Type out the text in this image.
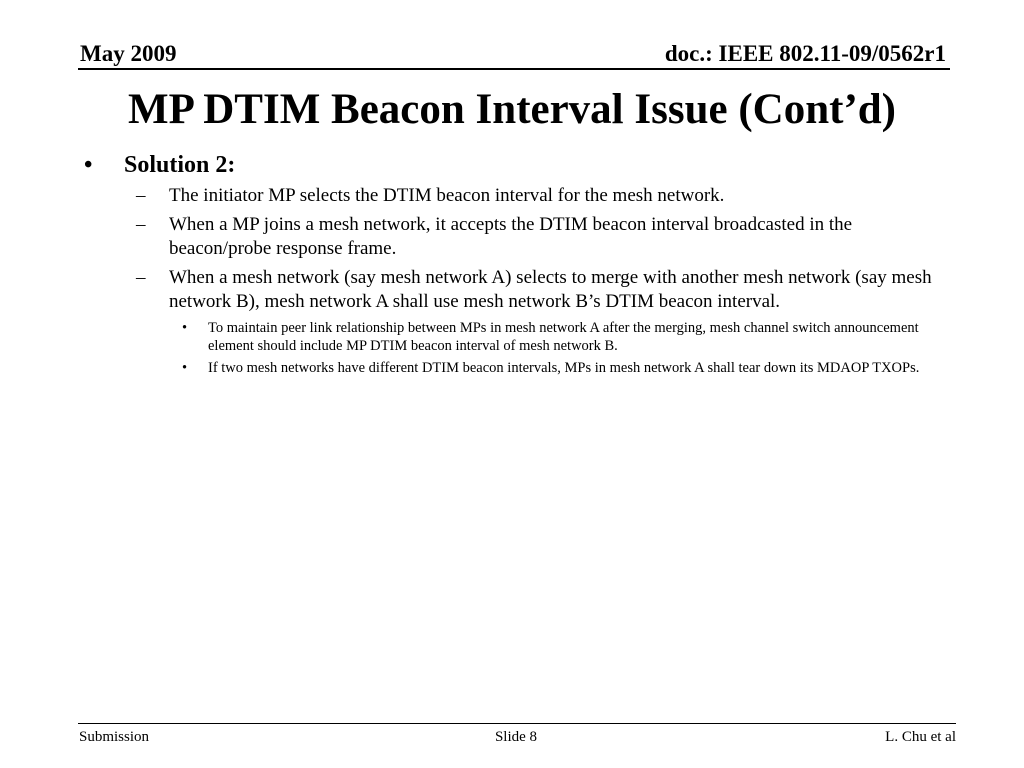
May 2009	doc.: IEEE 802.11-09/0562r1
MP DTIM Beacon Interval Issue (Cont’d)
• Solution 2:
– The initiator MP selects the DTIM beacon interval for the mesh network.
– When a MP joins a mesh network, it accepts the DTIM beacon interval broadcasted in the beacon/probe response frame.
– When a mesh network (say mesh network A) selects to merge with another mesh network (say mesh network B), mesh network A shall use mesh network B’s DTIM beacon interval.
• To maintain peer link relationship between MPs in mesh network A after the merging, mesh channel switch announcement element should include MP DTIM beacon interval of mesh network B.
• If two mesh networks have different DTIM beacon intervals, MPs in mesh network A shall tear down its MDAOP TXOPs.
Submission	Slide 8	L. Chu et al
